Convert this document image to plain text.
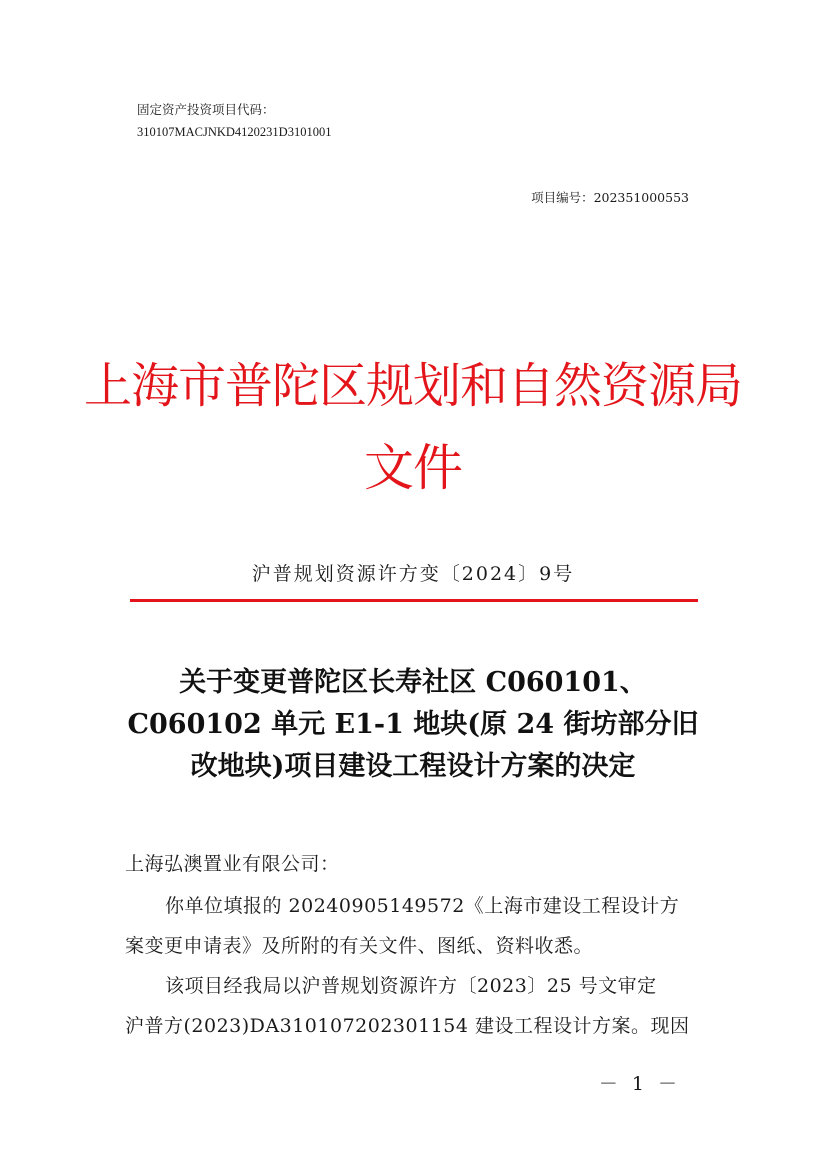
固定资产投资项目代码：
310107MACJNKD4120231D3101001
项目编号：202351000553
上海市普陀区规划和自然资源局
文件
沪普规划资源许方变〔2024〕9号
关于变更普陀区长寿社区 C060101、
C060102 单元 E1-1 地块(原 24 街坊部分旧
改地块)项目建设工程设计方案的决定
上海弘澳置业有限公司：
你单位填报的 20240905149572《上海市建设工程设计方
案变更申请表》及所附的有关文件、图纸、资料收悉。
该项目经我局以沪普规划资源许方〔2023〕25 号文审定
沪普方(2023)DA310107202301154 建设工程设计方案。现因
－ 1 －
